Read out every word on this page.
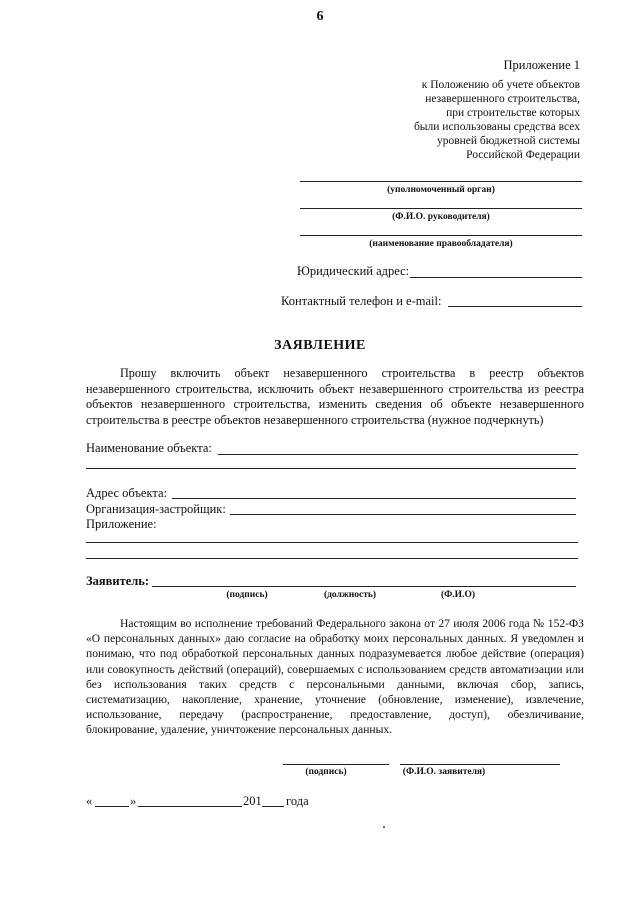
6
Приложение 1
к Положению об учете объектов
незавершенного строительства,
при строительстве которых
были использованы средства всех
уровней бюджетной системы
Российской Федерации
(уполномоченный орган)
(Ф.И.О. руководителя)
(наименование правообладателя)
Юридический адрес:
Контактный телефон и e-mail:
ЗАЯВЛЕНИЕ
Прошу включить объект незавершенного строительства в реестр объектов незавершенного строительства, исключить объект незавершенного строительства из реестра объектов незавершенного строительства, изменить сведения об объекте незавершенного строительства в реестре объектов незавершенного строительства (нужное подчеркнуть)
Наименование объекта:
Адрес объекта:
Организация-застройщик:
Приложение:
Заявитель:
(подпись)	(должность)	(Ф.И.О)
Настоящим во исполнение требований Федерального закона от 27 июля 2006 года № 152-ФЗ «О персональных данных» даю согласие на обработку моих персональных данных. Я уведомлен и понимаю, что под обработкой персональных данных подразумевается любое действие (операция) или совокупность действий (операций), совершаемых с использованием средств автоматизации или без использования таких средств с персональными данными, включая сбор, запись, систематизацию, накопление, хранение, уточнение (обновление, изменение), извлечение, использование, передачу (распространение, предоставление, доступ), обезличивание, блокирование, удаление, уничтожение персональных данных.
(подпись)	(Ф.И.О. заявителя)
«	»	201 года
